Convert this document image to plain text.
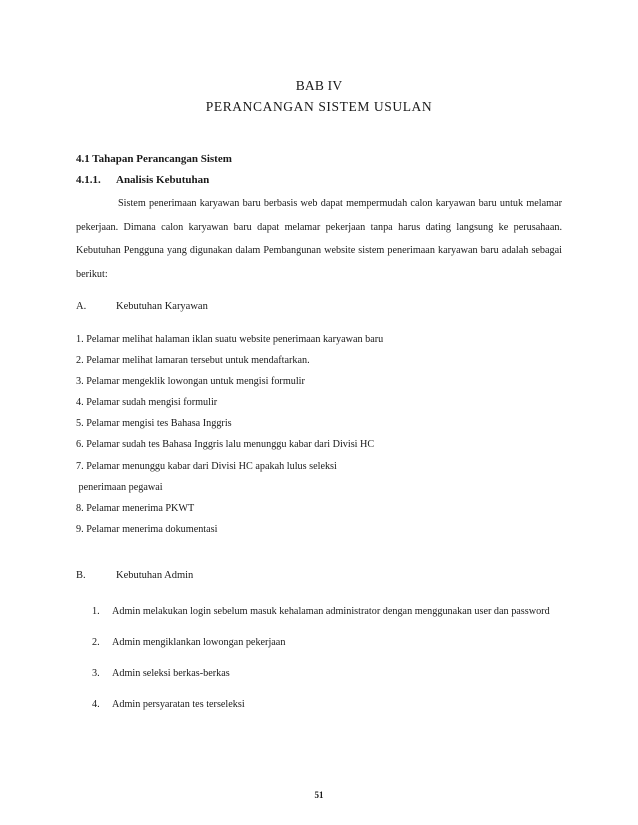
BAB IV
PERANCANGAN SISTEM USULAN
4.1 Tahapan Perancangan Sistem
4.1.1. Analisis Kebutuhan
Sistem penerimaan karyawan baru berbasis web dapat mempermudah calon karyawan baru untuk melamar pekerjaan. Dimana calon karyawan baru dapat melamar pekerjaan tanpa harus dating langsung ke perusahaan. Kebutuhan Pengguna yang digunakan dalam Pembangunan website sistem penerimaan karyawan baru adalah sebagai berikut:
A.	Kebutuhan Karyawan
1. Pelamar melihat halaman iklan suatu website penerimaan karyawan baru
2. Pelamar melihat lamaran tersebut untuk mendaftarkan.
3. Pelamar mengeklik lowongan untuk mengisi formulir
4. Pelamar sudah mengisi formulir
5. Pelamar mengisi tes Bahasa Inggris
6. Pelamar sudah tes Bahasa Inggris lalu menunggu kabar dari Divisi HC
7. Pelamar menunggu kabar dari Divisi HC apakah lulus seleksi
penerimaan pegawai
8. Pelamar menerima PKWT
9. Pelamar menerima dokumentasi
B.	Kebutuhan Admin
1. Admin melakukan login sebelum masuk kehalaman administrator dengan menggunakan user dan password
2. Admin mengiklankan lowongan pekerjaan
3. Admin seleksi berkas-berkas
4. Admin persyaratan tes terseleksi
51
